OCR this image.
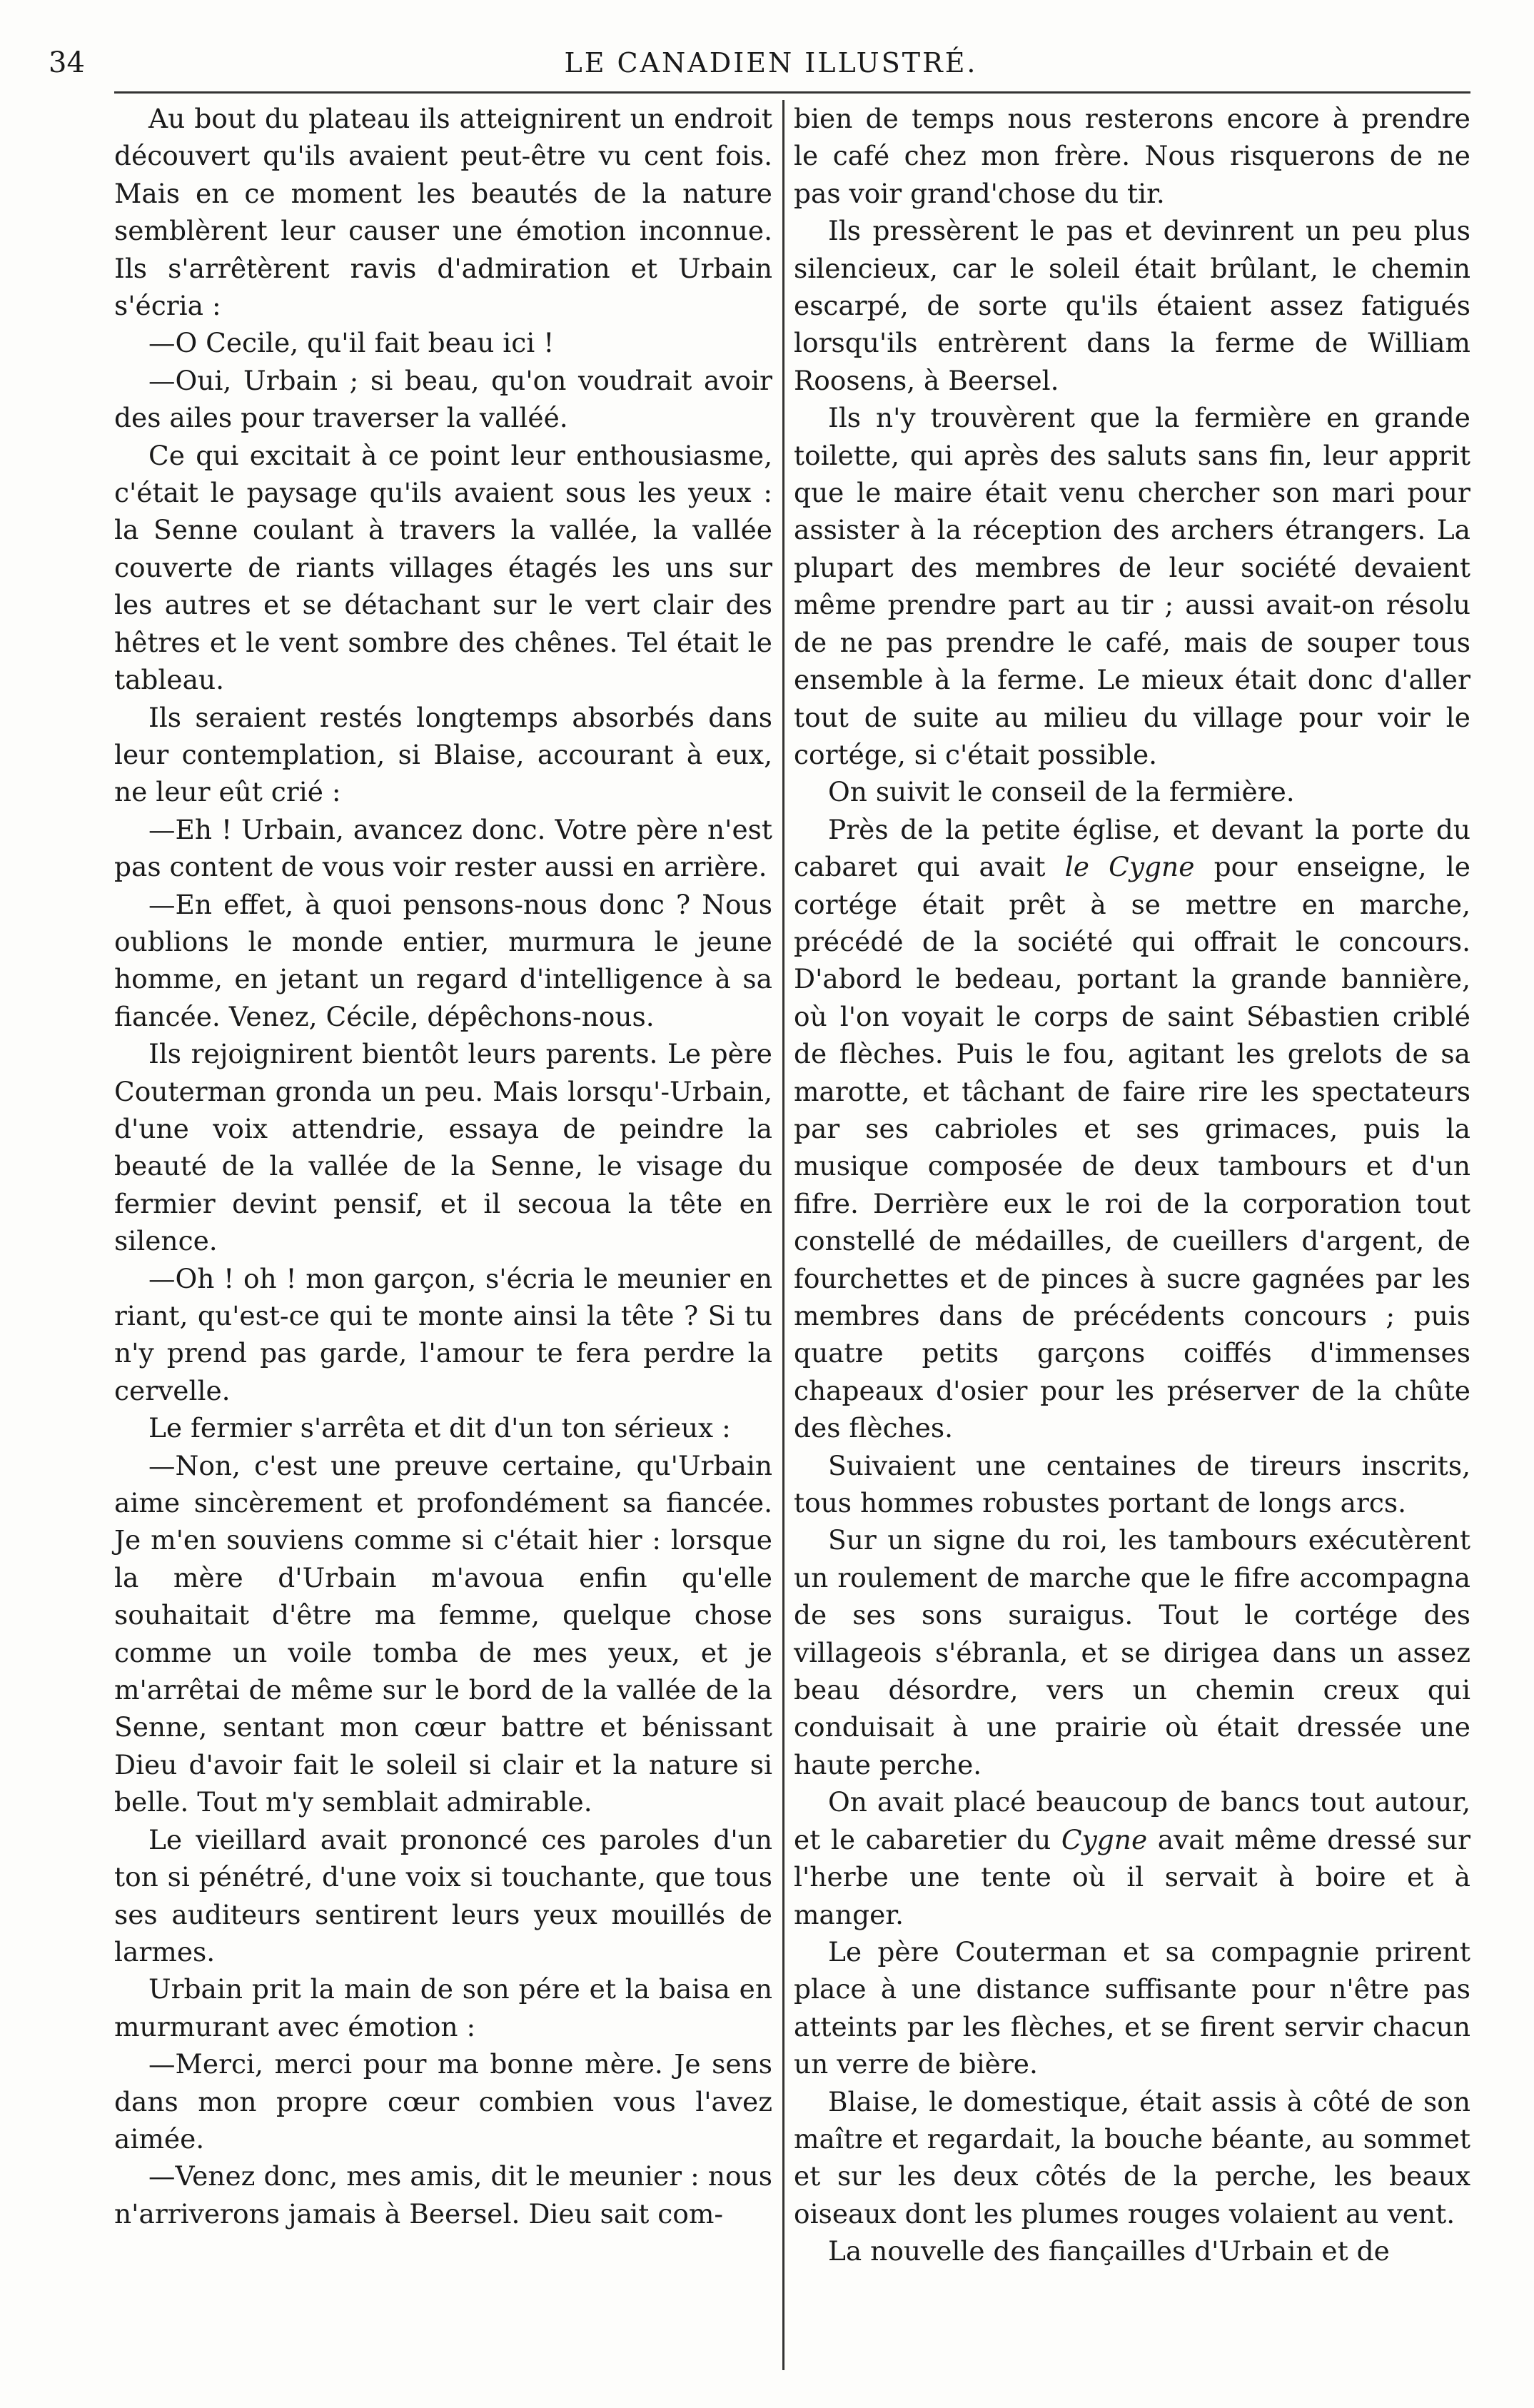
34	LE CANADIEN ILLUSTRÉ.

Au bout du plateau ils atteignirent un endroit découvert qu'ils avaient peut-être vu cent fois. Mais en ce moment les beautés de la nature semblèrent leur causer une émotion inconnue. Ils s'arrêtèrent ravis d'admiration et Urbain s'écria :

—O Cecile, qu'il fait beau ici !

—Oui, Urbain ; si beau, qu'on voudrait avoir des ailes pour traverser la valléé.

Ce qui excitait à ce point leur enthousiasme, c'était le paysage qu'ils avaient sous les yeux : la Senne coulant à travers la vallée, la vallée couverte de riants villages étagés les uns sur les autres et se détachant sur le vert clair des hêtres et le vent sombre des chênes. Tel était le tableau.

Ils seraient restés longtemps absorbés dans leur contemplation, si Blaise, accourant à eux, ne leur eût crié :

—Eh ! Urbain, avancez donc. Votre père n'est pas content de vous voir rester aussi en arrière.

—En effet, à quoi pensons-nous donc ? Nous oublions le monde entier, murmura le jeune homme, en jetant un regard d'intelligence à sa fiancée. Venez, Cécile, dépêchons-nous.

Ils rejoignirent bientôt leurs parents. Le père Couterman gronda un peu. Mais lorsqu'-Urbain, d'une voix attendrie, essaya de peindre la beauté de la vallée de la Senne, le visage du fermier devint pensif, et il secoua la tête en silence.

—Oh ! oh ! mon garçon, s'écria le meunier en riant, qu'est-ce qui te monte ainsi la tête ? Si tu n'y prend pas garde, l'amour te fera perdre la cervelle.

Le fermier s'arrêta et dit d'un ton sérieux :

—Non, c'est une preuve certaine, qu'Urbain aime sincèrement et profondément sa fiancée. Je m'en souviens comme si c'était hier : lorsque la mère d'Urbain m'avoua enfin qu'elle souhaitait d'être ma femme, quelque chose comme un voile tomba de mes yeux, et je m'arrêtai de même sur le bord de la vallée de la Senne, sentant mon cœur battre et bénissant Dieu d'avoir fait le soleil si clair et la nature si belle. Tout m'y semblait admirable.

Le vieillard avait prononcé ces paroles d'un ton si pénétré, d'une voix si touchante, que tous ses auditeurs sentirent leurs yeux mouillés de larmes.

Urbain prit la main de son pére et la baisa en murmurant avec émotion :

—Merci, merci pour ma bonne mère. Je sens dans mon propre cœur combien vous l'avez aimée.

—Venez donc, mes amis, dit le meunier : nous n'arriverons jamais à Beersel. Dieu sait com-

bien de temps nous resterons encore à prendre le café chez mon frère. Nous risquerons de ne pas voir grand'chose du tir.

Ils pressèrent le pas et devinrent un peu plus silencieux, car le soleil était brûlant, le chemin escarpé, de sorte qu'ils étaient assez fatigués lorsqu'ils entrèrent dans la ferme de William Roosens, à Beersel.

Ils n'y trouvèrent que la fermière en grande toilette, qui après des saluts sans fin, leur apprit que le maire était venu chercher son mari pour assister à la réception des archers étrangers. La plupart des membres de leur société devaient même prendre part au tir ; aussi avait-on résolu de ne pas prendre le café, mais de souper tous ensemble à la ferme. Le mieux était donc d'aller tout de suite au milieu du village pour voir le cortége, si c'était possible.

On suivit le conseil de la fermière.

Près de la petite église, et devant la porte du cabaret qui avait le Cygne pour enseigne, le cortége était prêt à se mettre en marche, précédé de la société qui offrait le concours. D'abord le bedeau, portant la grande bannière, où l'on voyait le corps de saint Sébastien criblé de flèches. Puis le fou, agitant les grelots de sa marotte, et tâchant de faire rire les spectateurs par ses cabrioles et ses grimaces, puis la musique composée de deux tambours et d'un fifre. Derrière eux le roi de la corporation tout constellé de médailles, de cueillers d'argent, de fourchettes et de pinces à sucre gagnées par les membres dans de précédents concours ; puis quatre petits garçons coiffés d'immenses chapeaux d'osier pour les préserver de la chûte des flèches.

Suivaient une centaines de tireurs inscrits, tous hommes robustes portant de longs arcs.

Sur un signe du roi, les tambours exécutèrent un roulement de marche que le fifre accompagna de ses sons suraigus. Tout le cortége des villageois s'ébranla, et se dirigea dans un assez beau désordre, vers un chemin creux qui conduisait à une prairie où était dressée une haute perche.

On avait placé beaucoup de bancs tout autour, et le cabaretier du Cygne avait même dressé sur l'herbe une tente où il servait à boire et à manger.

Le père Couterman et sa compagnie prirent place à une distance suffisante pour n'être pas atteints par les flèches, et se firent servir chacun un verre de bière.

Blaise, le domestique, était assis à côté de son maître et regardait, la bouche béante, au sommet et sur les deux côtés de la perche, les beaux oiseaux dont les plumes rouges volaient au vent.

La nouvelle des fiançailles d'Urbain et de
